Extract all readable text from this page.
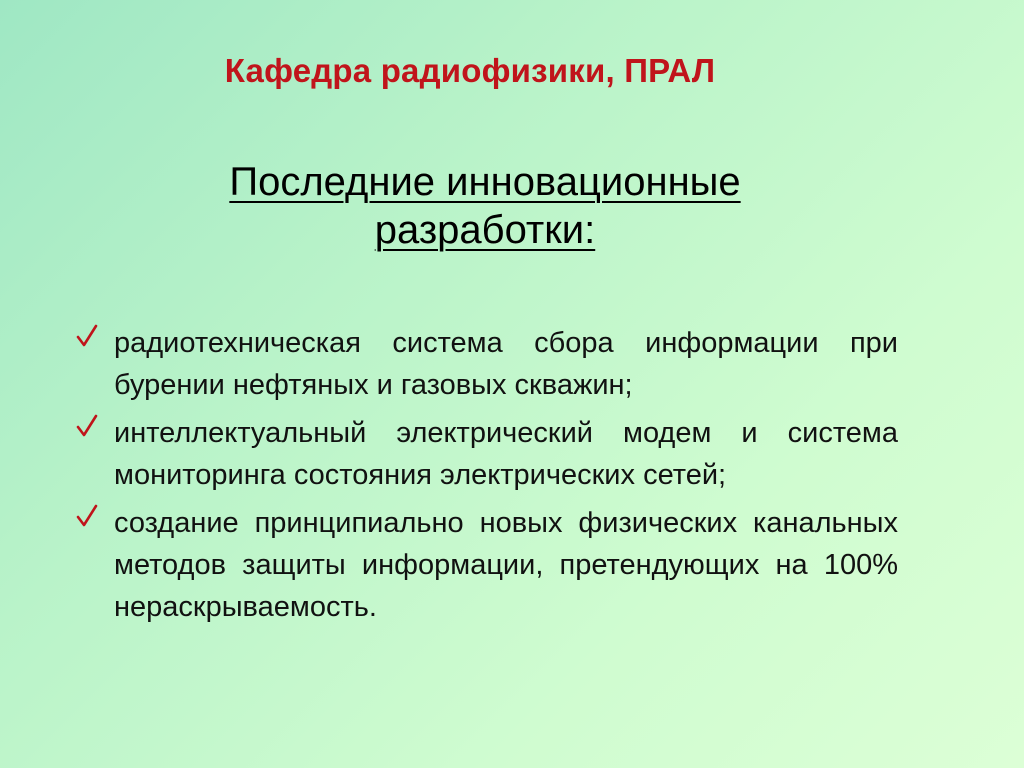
Кафедра радиофизики, ПРАЛ
Последние инновационные разработки:
радиотехническая система сбора информации при бурении нефтяных и газовых скважин;
интеллектуальный электрический модем и система мониторинга состояния электрических сетей;
создание принципиально новых физических канальных методов защиты информации, претендующих на 100% нераскрываемость.
